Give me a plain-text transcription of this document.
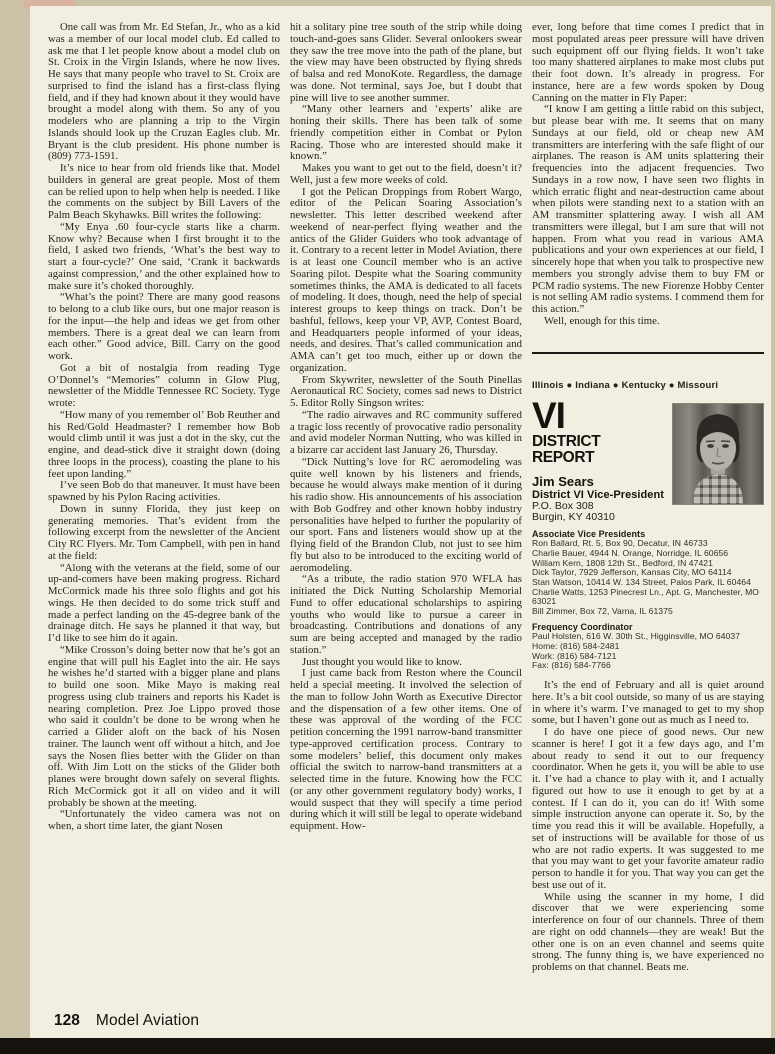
One call was from Mr. Ed Stefan, Jr., who as a kid was a member of our local model club. Ed called to ask me that I let people know about a model club on St. Croix in the Virgin Islands, where he now lives. He says that many people who travel to St. Croix are surprised to find the island has a first-class flying field, and if they had known about it they would have brought a model along with them. So any of you modelers who are planning a trip to the Virgin Islands should look up the Cruzan Eagles club. Mr. Bryant is the club president. His phone number is (809) 773-1591.

It’s nice to hear from old friends like that. Model builders in general are great people. Most of them can be relied upon to help when help is needed. I like the comments on the subject by Bill Lavers of the Palm Beach Skyhawks. Bill writes the following:

“My Enya .60 four-cycle starts like a charm. Know why? Because when I first brought it to the field, I asked two friends, ‘What’s the best way to start a four-cycle?’ One said, ‘Crank it backwards against compression,’ and the other explained how to make sure it’s choked thoroughly.

“What’s the point? There are many good reasons to belong to a club like ours, but one major reason is for the input—the help and ideas we get from other members. There is a great deal we can learn from each other.” Good advice, Bill. Carry on the good work.

Got a bit of nostalgia from reading Tyge O’Donnel’s “Memories” column in Glow Plug, newsletter of the Middle Tennessee RC Society. Tyge wrote:

“How many of you remember ol’ Bob Reuther and his Red/Gold Headmaster? I remember how Bob would climb until it was just a dot in the sky, cut the engine, and dead-stick dive it straight down (doing three loops in the process), coasting the plane to his feet upon landing.”

I’ve seen Bob do that maneuver. It must have been spawned by his Pylon Racing activities.

Down in sunny Florida, they just keep on generating memories. That’s evident from the following excerpt from the newsletter of the Ancient City RC Flyers. Mr. Tom Campbell, with pen in hand at the field:

“Along with the veterans at the field, some of our up-and-comers have been making progress. Richard McCormick made his three solo flights and got his wings. He then decided to do some trick stuff and made a perfect landing on the 45-degree bank of the drainage ditch. He says he planned it that way, but I’d like to see him do it again.

“Mike Crosson’s doing better now that he’s got an engine that will pull his Eaglet into the air. He says he wishes he’d started with a bigger plane and plans to build one soon. Mike Mayo is making real progress using club trainers and reports his Kadet is nearing completion. Prez Joe Lippo proved those who said it couldn’t be done to be wrong when he carried a Glider aloft on the back of his Nosen trainer. The launch went off without a hitch, and Joe says the Nosen flies better with the Glider on than off. With Jim Lott on the sticks of the Glider both planes were brought down safely on several flights. Rich McCormick got it all on video and it will probably be shown at the meeting.

“Unfortunately the video camera was not on when, a short time later, the giant Nosen

hit a solitary pine tree south of the strip while doing touch-and-goes sans Glider. Several onlookers swear they saw the tree move into the path of the plane, but the view may have been obstructed by flying shreds of balsa and red MonoKote. Regardless, the damage was done. Not terminal, says Joe, but I doubt that pine will live to see another summer.

“Many other learners and ‘experts’ alike are honing their skills. There has been talk of some friendly competition either in Combat or Pylon Racing. Those who are interested should make it known.”

Makes you want to get out to the field, doesn’t it? Well, just a few more weeks of cold.

I got the Pelican Droppings from Robert Wargo, editor of the Pelican Soaring Association’s newsletter. This letter described weekend after weekend of near-perfect flying weather and the antics of the Glider Guiders who took advantage of it. Contrary to a recent letter in Model Aviation, there is at least one Council member who is an active Soaring pilot. Despite what the Soaring community sometimes thinks, the AMA is dedicated to all facets of modeling. It does, though, need the help of special interest groups to keep things on track. Don’t be bashful, fellows, keep your VP, AVP, Contest Board, and Headquarters people informed of your ideas, needs, and desires. That’s called communication and AMA can’t get too much, either up or down the organization.

From Skywriter, newsletter of the South Pinellas Aeronautical RC Society, comes sad news to District 5. Editor Rolly Singson writes:

“The radio airwaves and RC community suffered a tragic loss recently of provocative radio personality and avid modeler Norman Nutting, who was killed in a bizarre car accident last January 26, Thursday.

“Dick Nutting’s love for RC aeromodeling was quite well known by his listeners and friends, because he would always make mention of it during his radio show. His announcements of his association with Bob Godfrey and other known hobby industry personalities have helped to further the popularity of our sport. Fans and listeners would show up at the flying field of the Brandon Club, not just to see him fly but also to be introduced to the exciting world of aeromodeling.

“As a tribute, the radio station 970 WFLA has initiated the Dick Nutting Scholarship Memorial Fund to offer educational scholarships to aspiring youths who would like to pursue a career in broadcasting. Contributions and donations of any sum are being accepted and managed by the radio station.”

Just thought you would like to know.

I just came back from Reston where the Council held a special meeting. It involved the selection of the man to follow John Worth as Executive Director and the dispensation of a few other items. One of these was approval of the wording of the FCC petition concerning the 1991 narrow-band transmitter type-approved certification process. Contrary to some modelers’ belief, this document only makes official the switch to narrow-band transmitters at a selected time in the future. Knowing how the FCC (or any other government regulatory body) works, I would suspect that they will specify a time period during which it will still be legal to operate wideband equipment. How-

ever, long before that time comes I predict that in most populated areas peer pressure will have driven such equipment off our flying fields. It won’t take too many shattered airplanes to make most clubs put their foot down. It’s already in progress. For instance, here are a few words spoken by Doug Canning on the matter in Fly Paper:

“I know I am getting a little rabid on this subject, but please bear with me. It seems that on many Sundays at our field, old or cheap new AM transmitters are interfering with the safe flight of our airplanes. The reason is AM units splattering their frequencies into the adjacent frequencies. Two Sundays in a row now, I have seen two flights in which erratic flight and near-destruction came about when pilots were standing next to a station with an AM transmitter splattering away. I wish all AM transmitters were illegal, but I am sure that will not happen. From what you read in various AMA publications and your own experiences at our field, I sincerely hope that when you talk to prospective new members you strongly advise them to buy FM or PCM radio systems. The new Fiorenze Hobby Center is not selling AM radio systems. I commend them for this action.”

Well, enough for this time.

Illinois ● Indiana ● Kentucky ● Missouri
VI
DISTRICT REPORT
Jim Sears
District VI Vice-President
P.O. Box 308
Burgin, KY 40310
Associate Vice Presidents
Ron Ballard, Rt. 5, Box 90, Decatur, IN 46733
Charlie Bauer, 4944 N. Orange, Norridge, IL 60656
William Kern, 1808 12th St., Bedford, IN 47421
Dick Taylor, 7929 Jefferson, Kansas City, MO 64114
Stan Watson, 10414 W. 134 Street, Palos Park, IL 60464
Charlie Watts, 1253 Pinecrest Ln., Apt. G, Manchester, MO 63021
Bill Zimmer, Box 72, Varna, IL 61375
Frequency Coordinator
Paul Holsten, 616 W. 30th St., Higginsville, MO 64037
Home: (816) 584-2481
Work: (816) 584-7121
Fax: (816) 584-7766

It’s the end of February and all is quiet around here. It’s a bit cool outside, so many of us are staying in where it’s warm. I’ve managed to get to my shop some, but I haven’t gone out as much as I need to.

I do have one piece of good news. Our new scanner is here! I got it a few days ago, and I’m about ready to send it out to our frequency coordinator. When he gets it, you will be able to use it. I’ve had a chance to play with it, and I actually figured out how to use it enough to get by at a contest. If I can do it, you can do it! With some simple instruction anyone can operate it. So, by the time you read this it will be available. Hopefully, a set of instructions will be available for those of us who are not radio experts. It was suggested to me that you may want to get your favorite amateur radio person to handle it for you. That way you can get the best use out of it.

While using the scanner in my home, I did discover that we were experiencing some interference on four of our channels. Three of them are right on odd channels—they are weak! But the other one is on an even channel and seems quite strong. The funny thing is, we have experienced no problems on that channel. Beats me.

128 Model Aviation
